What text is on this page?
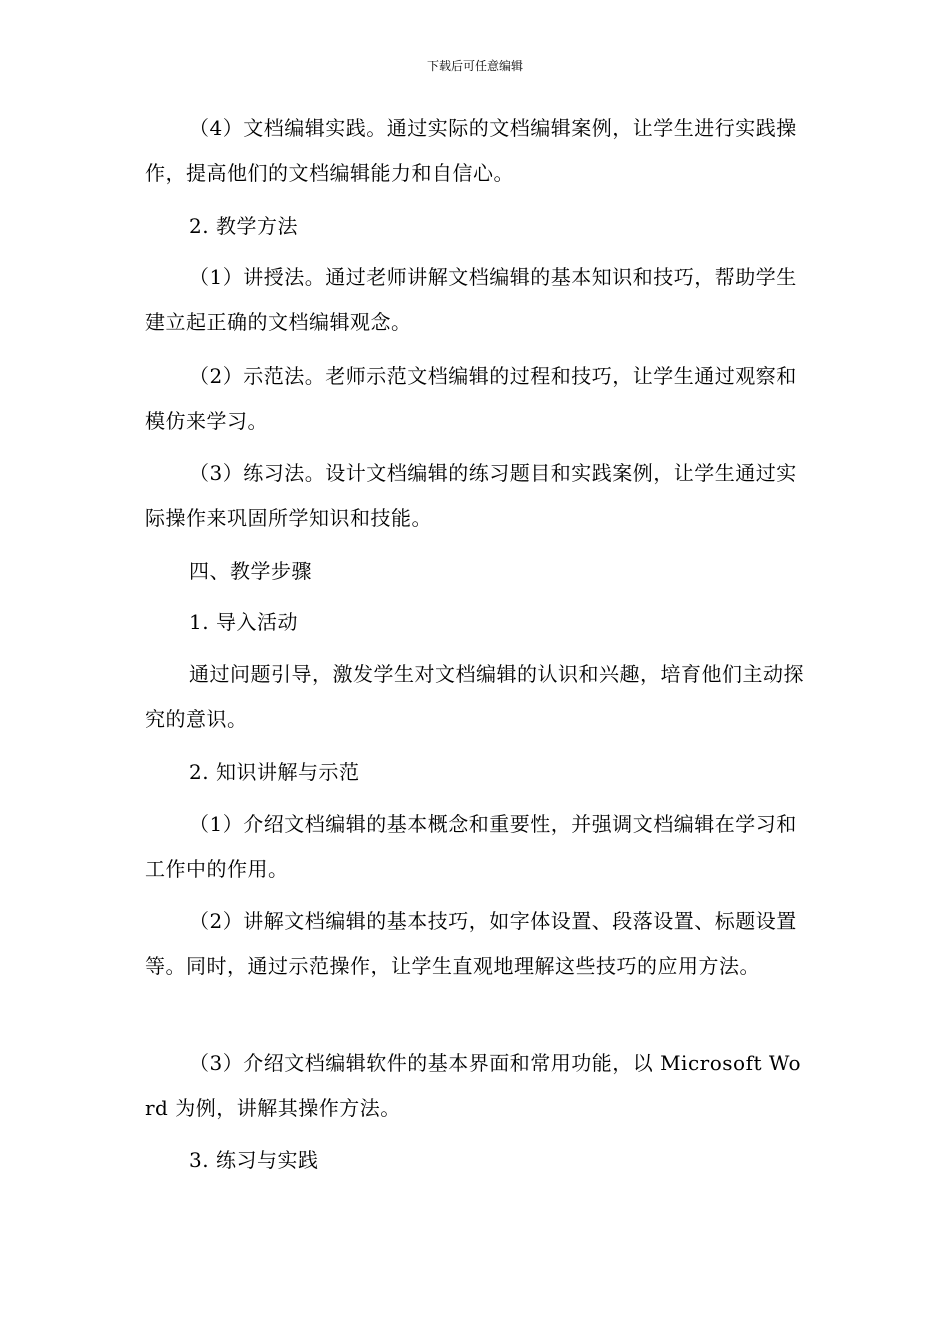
下载后可任意编辑

（4）文档编辑实践。通过实际的文档编辑案例，让学生进行实践操作，提高他们的文档编辑能力和自信心。

2. 教学方法

（1）讲授法。通过老师讲解文档编辑的基本知识和技巧，帮助学生建立起正确的文档编辑观念。

（2）示范法。老师示范文档编辑的过程和技巧，让学生通过观察和模仿来学习。

（3）练习法。设计文档编辑的练习题目和实践案例，让学生通过实际操作来巩固所学知识和技能。

四、教学步骤

1. 导入活动

通过问题引导，激发学生对文档编辑的认识和兴趣，培育他们主动探究的意识。

2. 知识讲解与示范

（1）介绍文档编辑的基本概念和重要性，并强调文档编辑在学习和工作中的作用。

（2）讲解文档编辑的基本技巧，如字体设置、段落设置、标题设置等。同时，通过示范操作，让学生直观地理解这些技巧的应用方法。

（3）介绍文档编辑软件的基本界面和常用功能，以 Microsoft Word 为例，讲解其操作方法。

3. 练习与实践
